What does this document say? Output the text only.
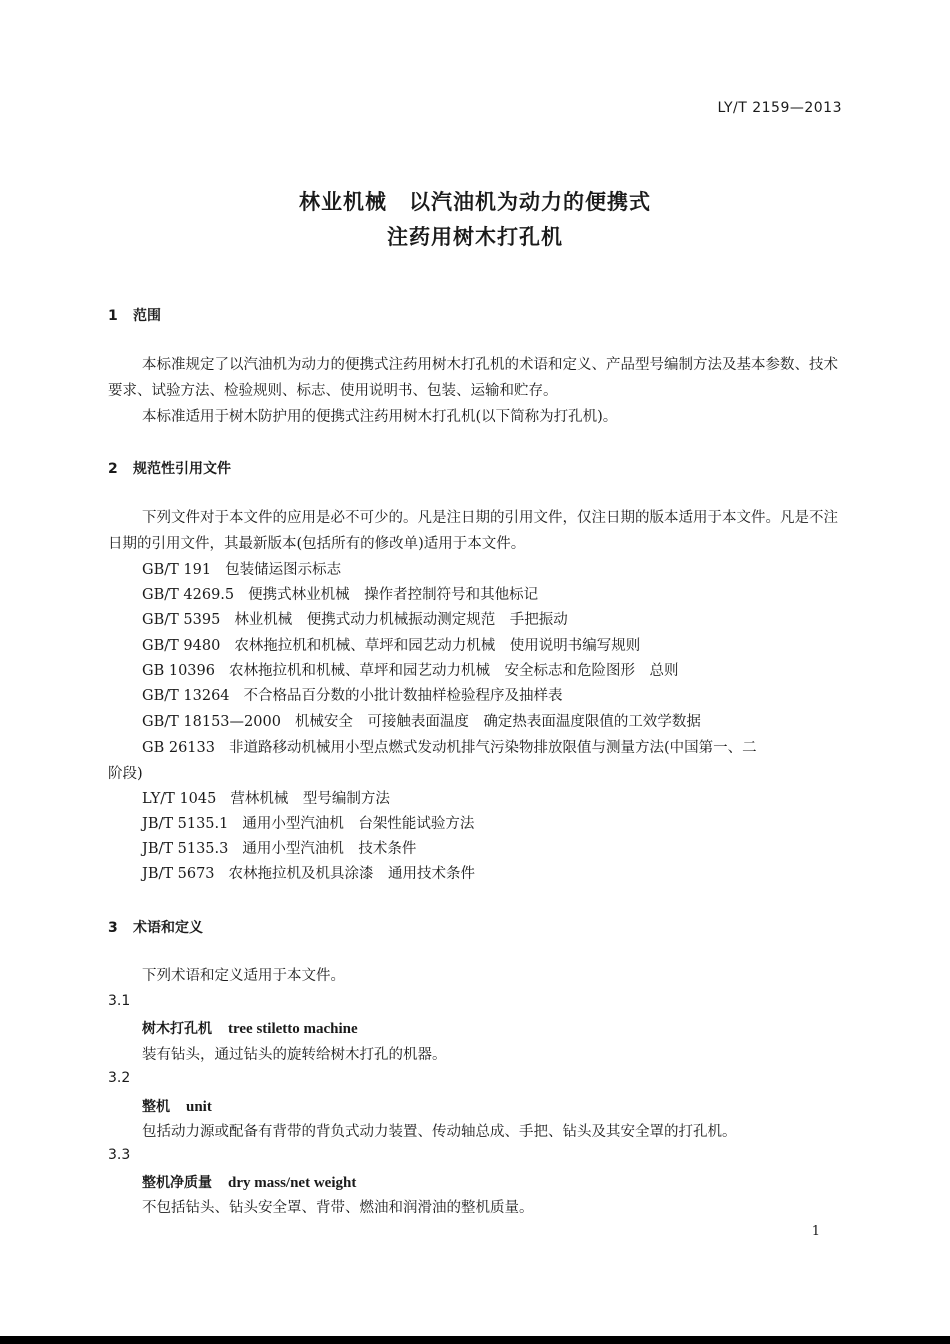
LY/T 2159—2013
林业机械　以汽油机为动力的便携式
注药用树木打孔机
1 范围
本标准规定了以汽油机为动力的便携式注药用树木打孔机的术语和定义、产品型号编制方法及基本参数、技术要求、试验方法、检验规则、标志、使用说明书、包装、运输和贮存。
本标准适用于树木防护用的便携式注药用树木打孔机(以下简称为打孔机)。
2 规范性引用文件
下列文件对于本文件的应用是必不可少的。凡是注日期的引用文件，仅注日期的版本适用于本文件。凡是不注日期的引用文件，其最新版本(包括所有的修改单)适用于本文件。
GB/T 191 包装储运图示标志
GB/T 4269.5 便携式林业机械　操作者控制符号和其他标记
GB/T 5395 林业机械　便携式动力机械振动测定规范　手把振动
GB/T 9480 农林拖拉机和机械、草坪和园艺动力机械　使用说明书编写规则
GB 10396 农林拖拉机和机械、草坪和园艺动力机械　安全标志和危险图形　总则
GB/T 13264 不合格品百分数的小批计数抽样检验程序及抽样表
GB/T 18153—2000 机械安全　可接触表面温度　确定热表面温度限值的工效学数据
GB 26133 非道路移动机械用小型点燃式发动机排气污染物排放限值与测量方法(中国第一、二
阶段)
LY/T 1045 营林机械　型号编制方法
JB/T 5135.1 通用小型汽油机　台架性能试验方法
JB/T 5135.3 通用小型汽油机　技术条件
JB/T 5673 农林拖拉机及机具涂漆　通用技术条件
3 术语和定义
下列术语和定义适用于本文件。
3.1
树木打孔机 tree stiletto machine
装有钻头，通过钻头的旋转给树木打孔的机器。
3.2
整机 unit
包括动力源或配备有背带的背负式动力装置、传动轴总成、手把、钻头及其安全罩的打孔机。
3.3
整机净质量 dry mass/net weight
不包括钻头、钻头安全罩、背带、燃油和润滑油的整机质量。
1
